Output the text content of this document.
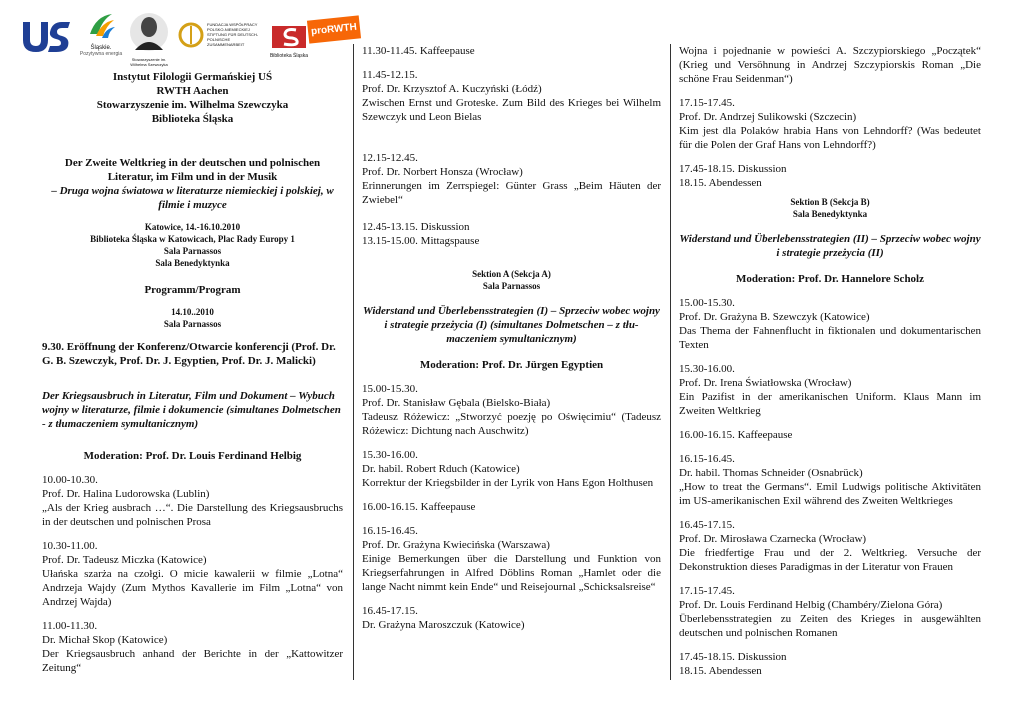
Śląskie.
Pozytywna energia
Stowarzyszenie im. Wilhelma Szewczyka
FUNDACJA WSPÓŁPRACY POLSKO-NIEMIECKIEJ STIFTUNG FÜR DEUTSCH-POLNISCHE ZUSAMMENARBEIT
Biblioteka Śląska
proRWTH
Instytut Filologii Germańskiej UŚ
RWTH Aachen
Stowarzyszenie im. Wilhelma Szewczyka
Biblioteka Śląska
Der Zweite Weltkrieg in der deutschen und polnischen Literatur, im Film und in der Musik
– Druga wojna światowa w literaturze niemieckiej i polskiej, w filmie i muzyce
Katowice, 14.-16.10.2010
Biblioteka Śląska w Katowicach, Plac Rady Europy 1
Sala Parnassos
Sala Benedyktynka
Programm/Program
14.10..2010
Sala Parnassos
9.30. Eröffnung der Konferenz/Otwarcie konferencji (Prof. Dr. G. B. Szewczyk, Prof. Dr. J. Egyptien, Prof. Dr. J. Malicki)
Der Kriegsausbruch in Literatur, Film und Dokument – Wybuch wojny w literaturze, filmie i dokumencie (simultanes Dolmetschen - z tłumaczeniem symultanicznym)
Moderation: Prof. Dr. Louis Ferdinand Helbig
10.00-10.30.
Prof. Dr. Halina Ludorowska (Lublin)
„Als der Krieg ausbrach …“. Die Darstellung des Kriegsausbruchs in der deutschen und polnischen Prosa
10.30-11.00.
Prof. Dr. Tadeusz Miczka (Katowice)
Ułańska szarża na czołgi. O micie kawalerii w filmie „Lotna“ Andrzeja Wajdy (Zum Mythos Kavallerie im Film „Lotna“ von Andrzej Wajda)
11.00-11.30.
Dr. Michał Skop (Katowice)
Der Kriegsausbruch anhand der Berichte in der „Kattowitzer Zeitung“
11.30-11.45. Kaffeepause
11.45-12.15.
Prof. Dr. Krzysztof A. Kuczyński (Łódź)
Zwischen Ernst und Groteske. Zum Bild des Krieges bei Wilhelm Szewczyk und Leon Bielas
12.15-12.45.
Prof. Dr. Norbert Honsza (Wrocław)
Erinnerungen im Zerrspiegel: Günter Grass „Beim Häuten der Zwiebel“
12.45-13.15. Diskussion
13.15-15.00. Mittagspause
Sektion A (Sekcja A)
Sala Parnassos
Widerstand und Überlebensstrategien (I) – Sprzeciw wobec wojny i strategie przeżycia (I) (simultanes Dolmetschen – z tłu-maczeniem symultanicznym)
Moderation: Prof. Dr. Jürgen Egyptien
15.00-15.30.
Prof. Dr. Stanisław Gębala (Bielsko-Biała)
Tadeusz Różewicz: „Stworzyć poezję po Oświęcimiu“ (Tadeusz Różewicz: Dichtung nach Auschwitz)
15.30-16.00.
Dr. habil. Robert Rduch (Katowice)
Korrektur der Kriegsbilder in der Lyrik von Hans Egon Holthusen
16.00-16.15. Kaffeepause
16.15-16.45.
Prof. Dr. Grażyna Kwiecińska (Warszawa)
Einige Bemerkungen über die Darstellung und Funktion von Kriegserfahrungen in Alfred Döblins Roman „Hamlet oder die lange Nacht nimmt kein Ende“ und Reisejournal „Schicksalsreise“
16.45-17.15.
Dr. Grażyna Maroszczuk (Katowice)
Wojna i pojednanie w powieści A. Szczypiorskiego „Początek“ (Krieg und Versöhnung in Andrzej Szczypiorskis Roman „Die schöne Frau Seidenman“)
17.15-17.45.
Prof. Dr. Andrzej Sulikowski (Szczecin)
Kim jest dla Polaków hrabia Hans von Lehndorff? (Was bedeutet für die Polen der Graf Hans von Lehndorff?)
17.45-18.15. Diskussion
18.15. Abendessen
Sektion B (Sekcja B)
Sala Benedyktynka
Widerstand und Überlebensstrategien (II) – Sprzeciw wobec wojny i strategie przeżycia (II)
Moderation: Prof. Dr. Hannelore Scholz
15.00-15.30.
Prof. Dr. Grażyna B. Szewczyk (Katowice)
Das Thema der Fahnenflucht in fiktionalen und dokumentarischen Texten
15.30-16.00.
Prof. Dr. Irena Światłowska (Wrocław)
Ein Pazifist in der amerikanischen Uniform. Klaus Mann im Zweiten Weltkrieg
16.00-16.15. Kaffeepause
16.15-16.45.
Dr. habil. Thomas Schneider (Osnabrück)
„How to treat the Germans“. Emil Ludwigs politische Aktivitäten im US-amerikanischen Exil während des Zweiten Weltkrieges
16.45-17.15.
Prof. Dr. Mirosława Czarnecka (Wrocław)
Die friedfertige Frau und der 2. Weltkrieg. Versuche der Dekonstruktion dieses Paradigmas in der Literatur von Frauen
17.15-17.45.
Prof. Dr. Louis Ferdinand Helbig (Chambéry/Zielona Góra)
Überlebensstrategien zu Zeiten des Krieges in ausgewählten deutschen und polnischen Romanen
17.45-18.15. Diskussion
18.15. Abendessen
